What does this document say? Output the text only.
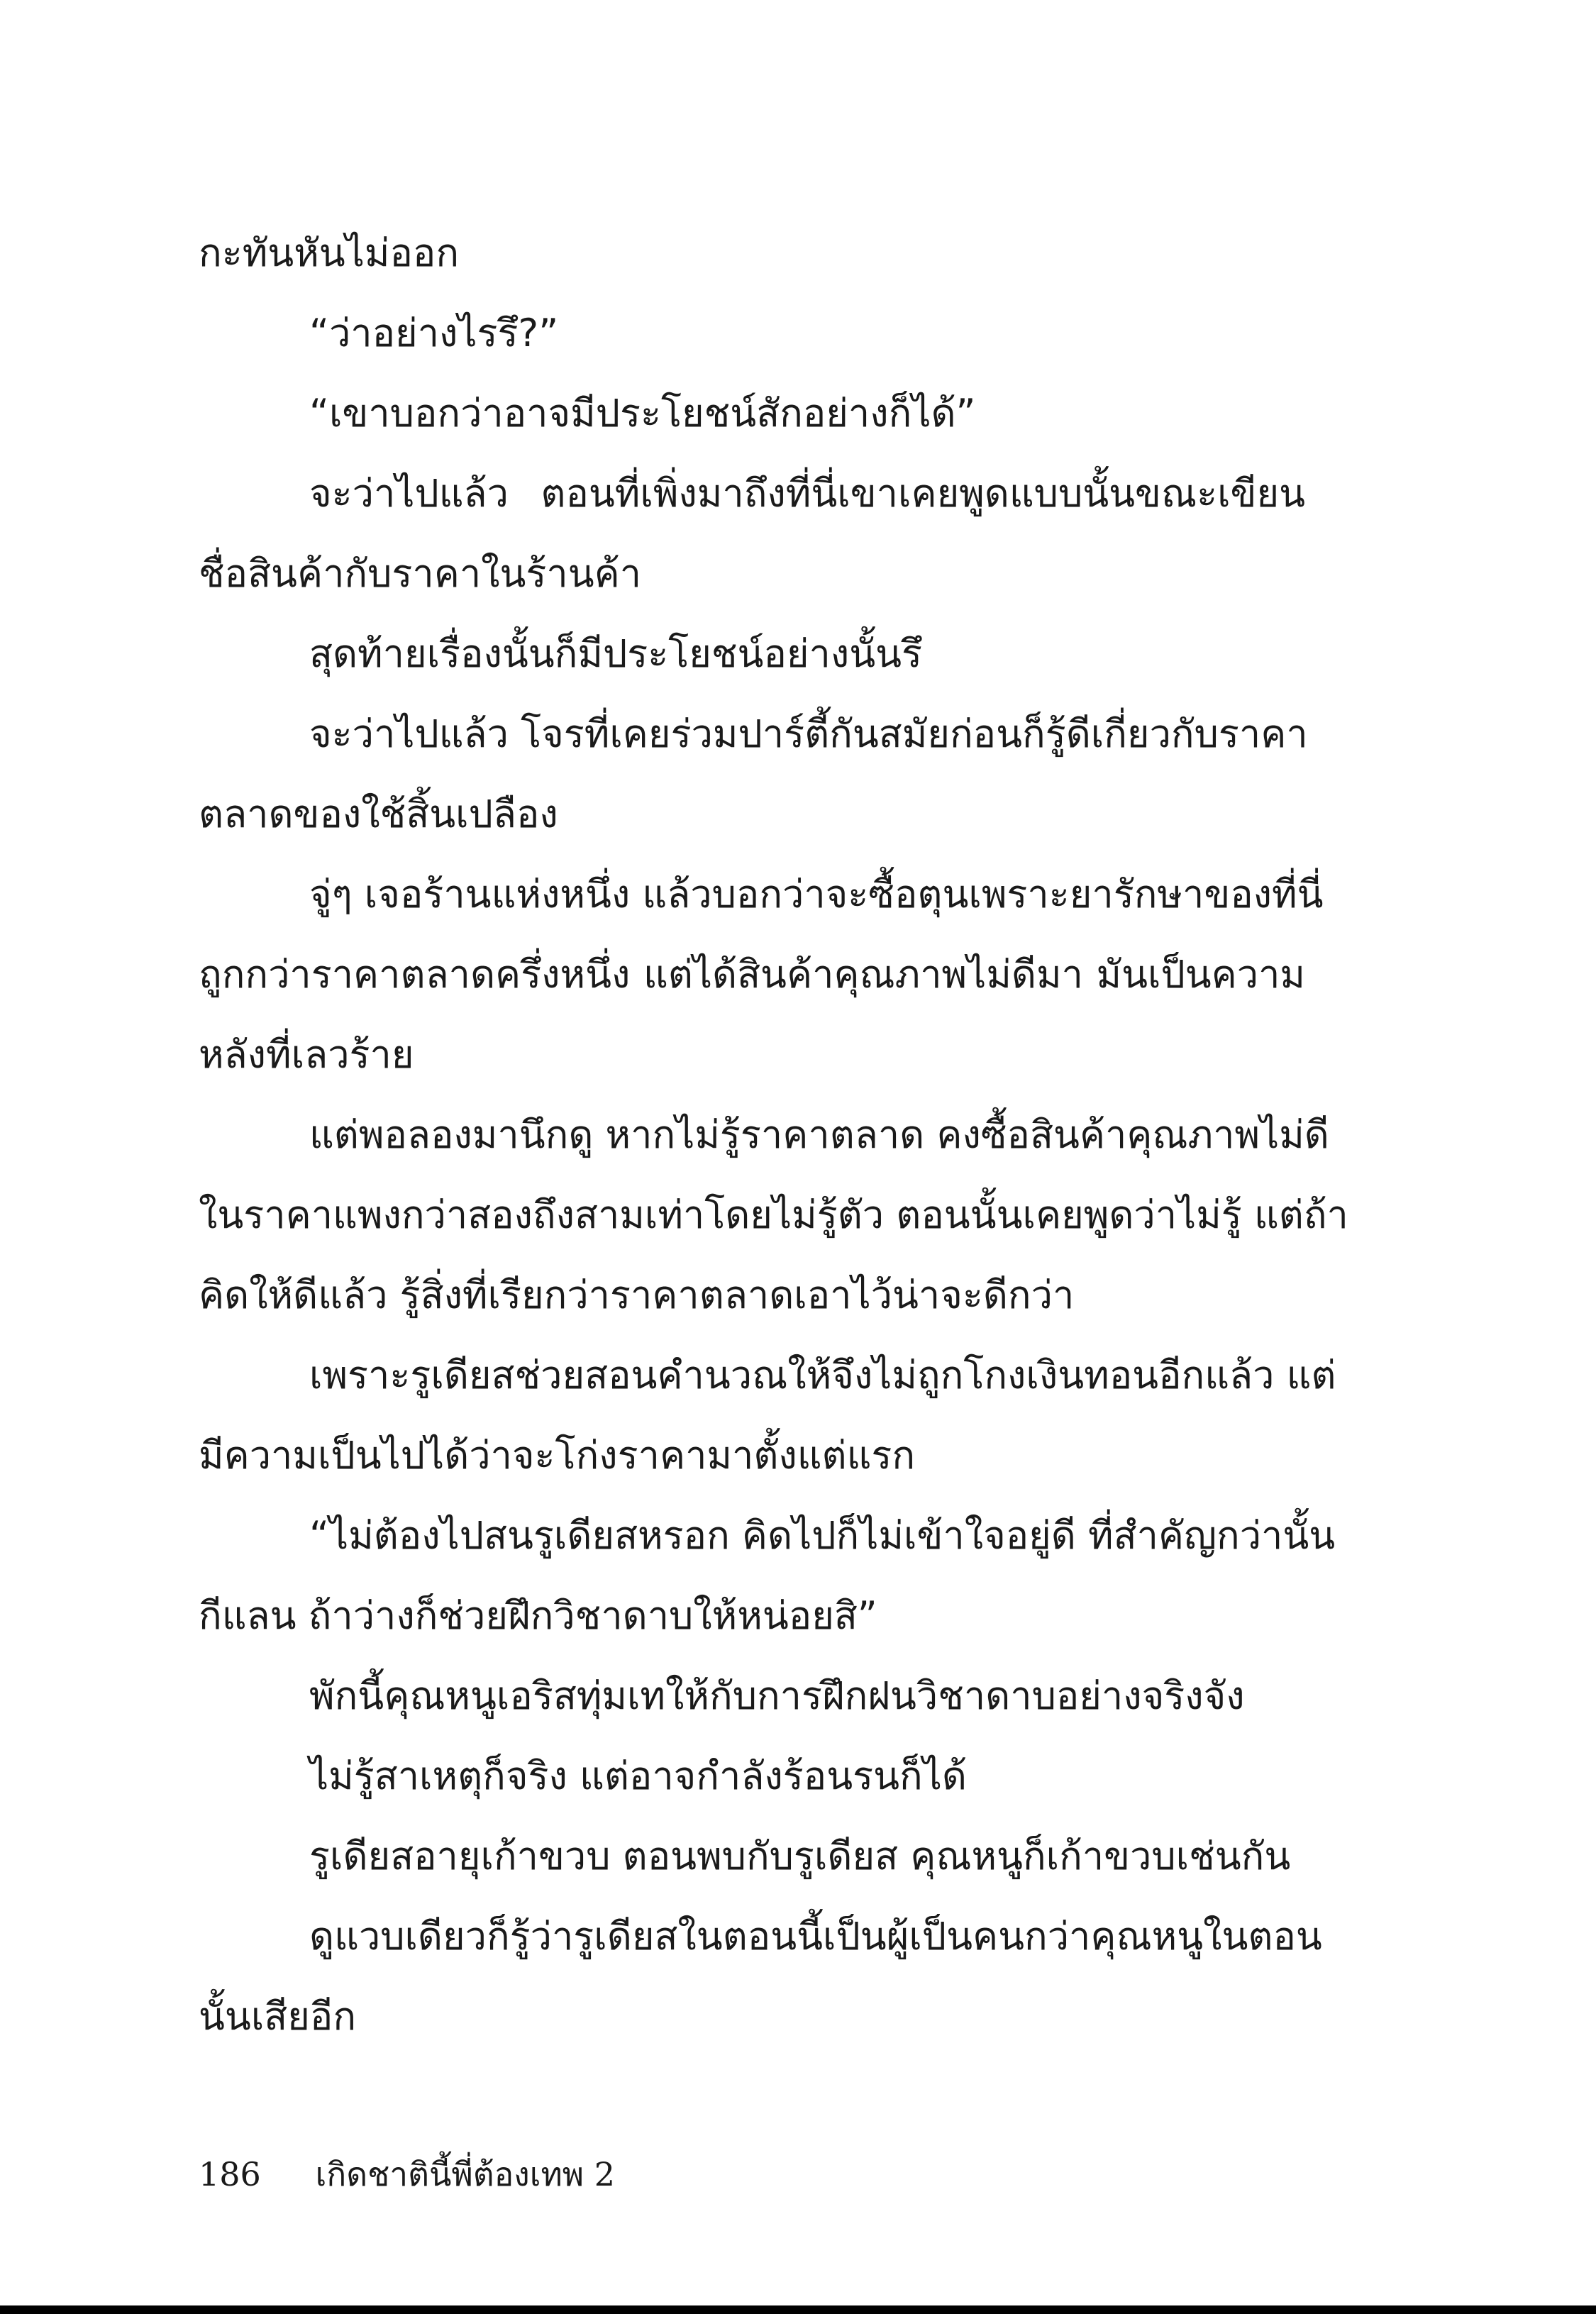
กะทันหันไม่ออก
“ว่าอย่างไรรึ?”
“เขาบอกว่าอาจมีประโยชน์สักอย่างก็ได้”
จะว่าไปแล้ว ตอนที่เพิ่งมาถึงที่นี่เขาเคยพูดแบบนั้นขณะเขียน
ชื่อสินค้ากับราคาในร้านค้า
สุดท้ายเรื่องนั้นก็มีประโยชน์อย่างนั้นรึ
จะว่าไปแล้ว โจรที่เคยร่วมปาร์ตี้กันสมัยก่อนก็รู้ดีเกี่ยวกับราคา
ตลาดของใช้สิ้นเปลือง
จู่ๆ เจอร้านแห่งหนึ่ง แล้วบอกว่าจะซื้อตุนเพราะยารักษาของที่นี่
ถูกกว่าราคาตลาดครึ่งหนึ่ง แต่ได้สินค้าคุณภาพไม่ดีมา มันเป็นความ
หลังที่เลวร้าย
แต่พอลองมานึกดู หากไม่รู้ราคาตลาด คงซื้อสินค้าคุณภาพไม่ดี
ในราคาแพงกว่าสองถึงสามเท่าโดยไม่รู้ตัว ตอนนั้นเคยพูดว่าไม่รู้ แต่ถ้า
คิดให้ดีแล้ว รู้สิ่งที่เรียกว่าราคาตลาดเอาไว้น่าจะดีกว่า
เพราะรูเดียสช่วยสอนคำนวณให้จึงไม่ถูกโกงเงินทอนอีกแล้ว แต่
มีความเป็นไปได้ว่าจะโก่งราคามาตั้งแต่แรก
“ไม่ต้องไปสนรูเดียสหรอก คิดไปก็ไม่เข้าใจอยู่ดี ที่สำคัญกว่านั้น
กีแลน ถ้าว่างก็ช่วยฝึกวิชาดาบให้หน่อยสิ”
พักนี้คุณหนูเอริสทุ่มเทให้กับการฝึกฝนวิชาดาบอย่างจริงจัง
ไม่รู้สาเหตุก็จริง แต่อาจกำลังร้อนรนก็ได้
รูเดียสอายุเก้าขวบ ตอนพบกับรูเดียส คุณหนูก็เก้าขวบเช่นกัน
ดูแวบเดียวก็รู้ว่ารูเดียสในตอนนี้เป็นผู้เป็นคนกว่าคุณหนูในตอน
นั้นเสียอีก
186 เกิดชาตินี้พี่ต้องเทพ 2
